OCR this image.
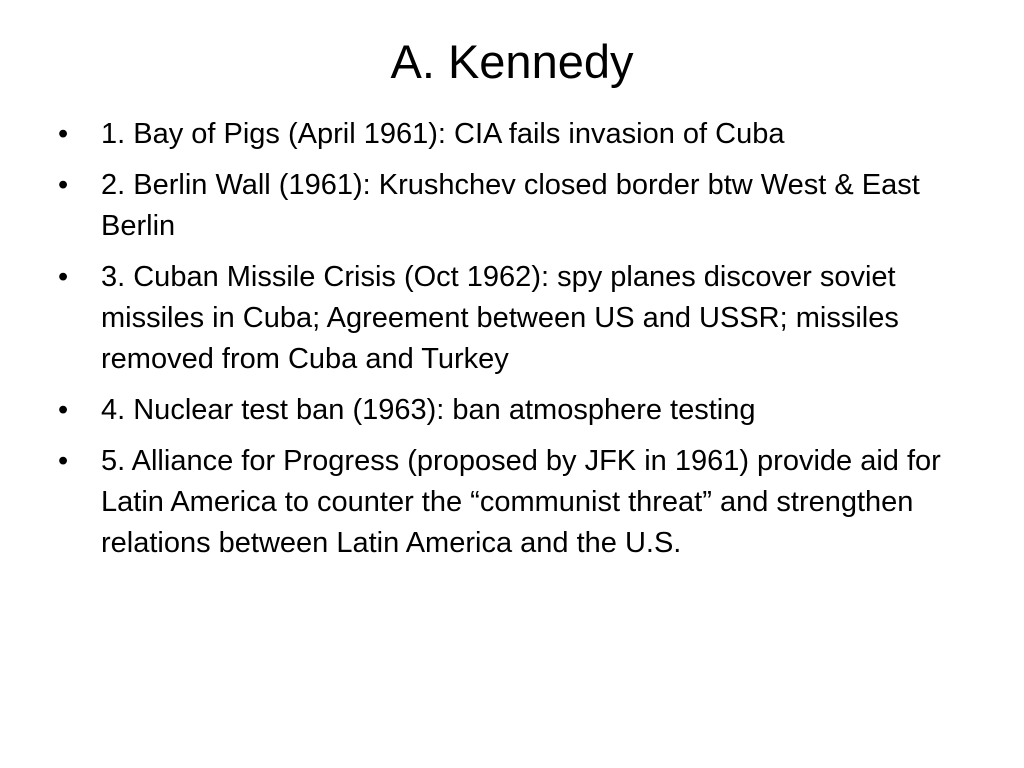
A. Kennedy
• 1. Bay of Pigs (April 1961): CIA fails invasion of Cuba
• 2. Berlin Wall (1961): Krushchev closed border btw West & East Berlin
• 3. Cuban Missile Crisis (Oct 1962): spy planes discover soviet missiles in Cuba; Agreement between US and USSR; missiles removed from Cuba and Turkey
• 4. Nuclear test ban (1963): ban atmosphere testing
• 5. Alliance for Progress (proposed by JFK in 1961) provide aid for Latin America to counter the “communist threat” and strengthen relations between Latin America and the U.S.
